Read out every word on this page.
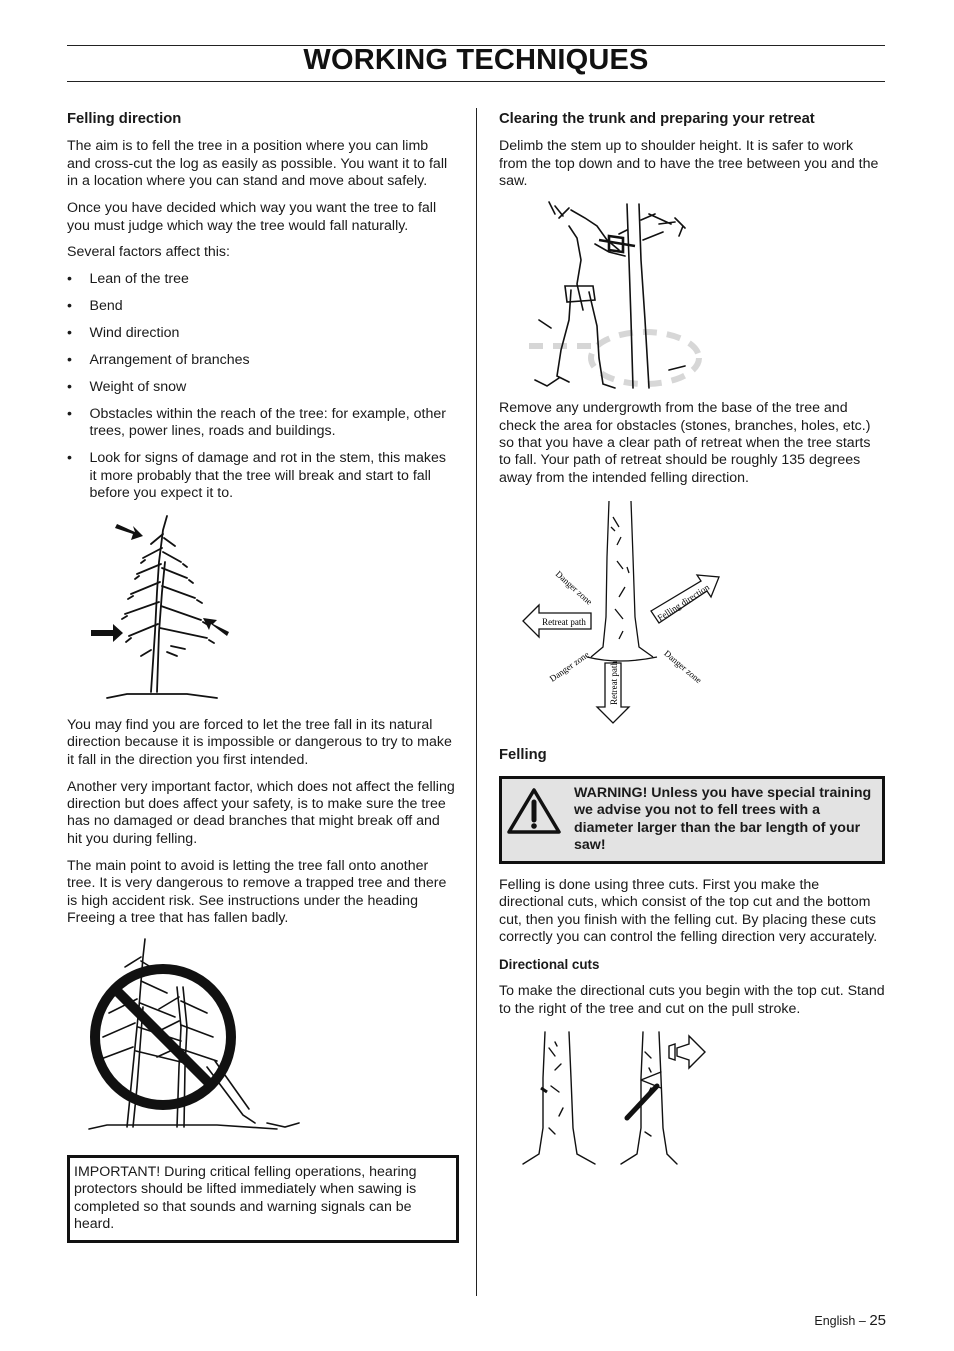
WORKING TECHNIQUES
Felling direction

The aim is to fell the tree in a position where you can limb and cross-cut the log as easily as possible. You want it to fall in a location where you can stand and move about safely.

Once you have decided which way you want the tree to fall you must judge which way the tree would fall naturally.

Several factors affect this:

• Lean of the tree
• Bend
• Wind direction
• Arrangement of branches
• Weight of snow
• Obstacles within the reach of the tree: for example, other trees, power lines, roads and buildings.
• Look for signs of damage and rot in the stem, this makes it more probably that the tree will break and start to fall before you expect it to.

You may find you are forced to let the tree fall in its natural direction because it is impossible or dangerous to try to make it fall in the direction you first intended.

Another very important factor, which does not affect the felling direction but does affect your safety, is to make sure the tree has no damaged or dead branches that might break off and hit you during felling.

The main point to avoid is letting the tree fall onto another tree. It is very dangerous to remove a trapped tree and there is high accident risk. See instructions under the heading Freeing a tree that has fallen badly.

IMPORTANT! During critical felling operations, hearing protectors should be lifted immediately when sawing is completed so that sounds and warning signals can be heard.
Clearing the trunk and preparing your retreat

Delimb the stem up to shoulder height. It is safer to work from the top down and to have the tree between you and the saw.

Remove any undergrowth from the base of the tree and check the area for obstacles (stones, branches, holes, etc.) so that you have a clear path of retreat when the tree starts to fall. Your path of retreat should be roughly 135 degrees away from the intended felling direction.

Retreat path
Retreat path
Felling direction
Danger zone
Danger zone	Danger zone
Felling
WARNING! Unless you have special training we advise you not to fell trees with a diameter larger than the bar length of your saw!

Felling is done using three cuts. First you make the directional cuts, which consist of the top cut and the bottom cut, then you finish with the felling cut. By placing these cuts correctly you can control the felling direction very accurately.

Directional cuts

To make the directional cuts you begin with the top cut. Stand to the right of the tree and cut on the pull stroke.

English – 25
